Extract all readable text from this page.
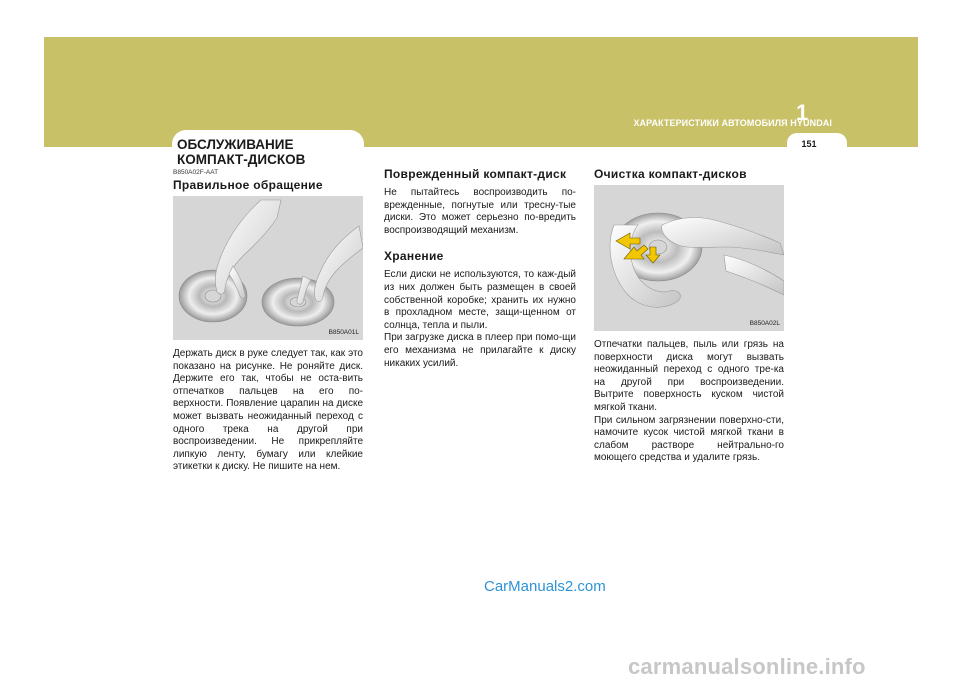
ХАРАКТЕРИСТИКИ АВТОМОБИЛЯ HYUNDAI
1
151
ОБСЛУЖИВАНИЕ
КОМПАКТ-ДИСКОВ
B850A02F-AAT
Правильное обращение
B850A01L
Держать диск в руке следует так, как это показано на рисунке. Не роняйте диск. Держите его так, чтобы не оста-вить отпечатков пальцев на его по-верхности. Появление царапин на диске может вызвать неожиданный переход с одного трека на другой при воспроизведении. Не прикрепляйте липкую ленту, бумагу или клейкие этикетки к диску. Не пишите на нем.
Поврежденный компакт-диск
Не пытайтесь воспроизводить по-врежденные, погнутые или тресну-тые диски. Это может серьезно по-вредить воспроизводящий механизм.
Хранение
Если диски не используются, то каж-дый из них должен быть размещен в своей собственной коробке; хранить их нужно в прохладном месте, защи-щенном от солнца, тепла и пыли.
При загрузке диска в плеер при помо-щи его механизма не прилагайте к диску никаких усилий.
Очистка компакт-дисков
B850A02L
Отпечатки пальцев, пыль или грязь на поверхности диска могут вызвать неожиданный переход с одного тре-ка на другой при воспроизведении. Вытрите поверхность куском чистой мягкой ткани.
При сильном загрязнении поверхно-сти, намочите кусок чистой мягкой ткани в слабом растворе нейтрально-го моющего средства и удалите грязь.
CarManuals2.com
carmanualsonline.info
